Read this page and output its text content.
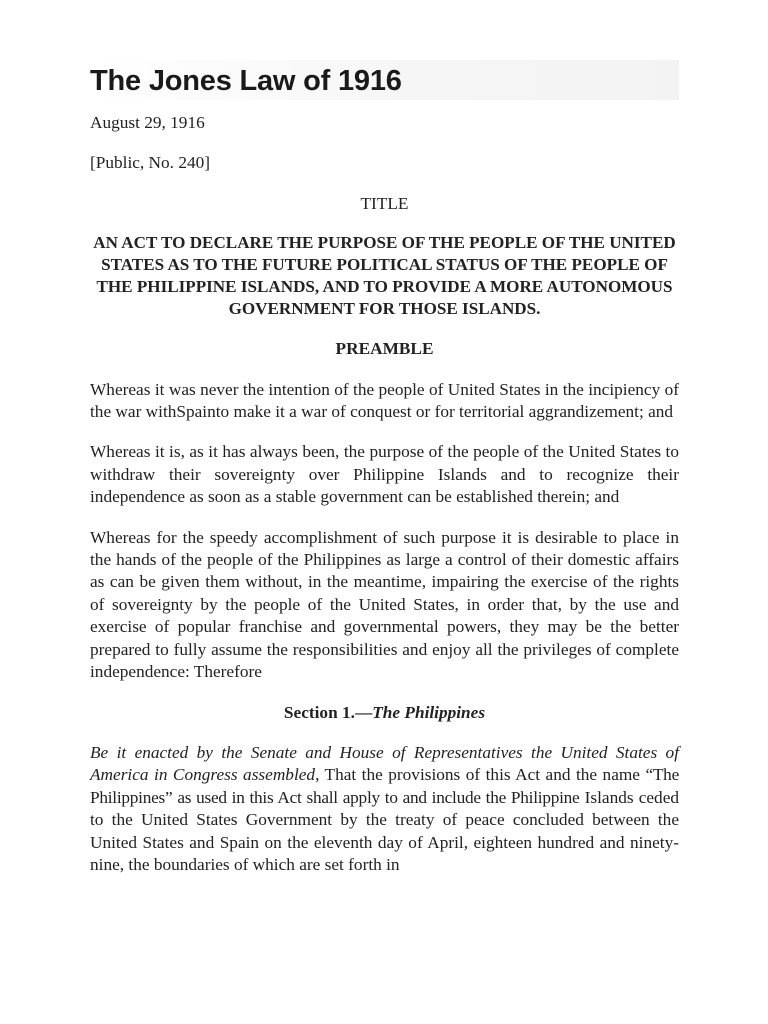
The Jones Law of 1916

August 29, 1916

[Public, No. 240]

TITLE

AN ACT TO DECLARE THE PURPOSE OF THE PEOPLE OF THE UNITED STATES AS TO THE FUTURE POLITICAL STATUS OF THE PEOPLE OF THE PHILIPPINE ISLANDS, AND TO PROVIDE A MORE AUTONOMOUS GOVERNMENT FOR THOSE ISLANDS.

PREAMBLE

Whereas it was never the intention of the people of United States in the incipiency of the war withSpainto make it a war of conquest or for territorial aggrandizement; and

Whereas it is, as it has always been, the purpose of the people of the United States to withdraw their sovereignty over Philippine Islands and to recognize their independence as soon as a stable government can be established therein; and

Whereas for the speedy accomplishment of such purpose it is desirable to place in the hands of the people of the Philippines as large a control of their domestic affairs as can be given them without, in the meantime, impairing the exercise of the rights of sovereignty by the people of the United States, in order that, by the use and exercise of popular franchise and governmental powers, they may be the better prepared to fully assume the responsibilities and enjoy all the privileges of complete independence: Therefore

Section 1.—The Philippines

Be it enacted by the Senate and House of Representatives the United States of America in Congress assembled, That the provisions of this Act and the name “The Philippines” as used in this Act shall apply to and include the Philippine Islands ceded to the United States Government by the treaty of peace concluded between the United States and Spain on the eleventh day of April, eighteen hundred and ninety-nine, the boundaries of which are set forth in
